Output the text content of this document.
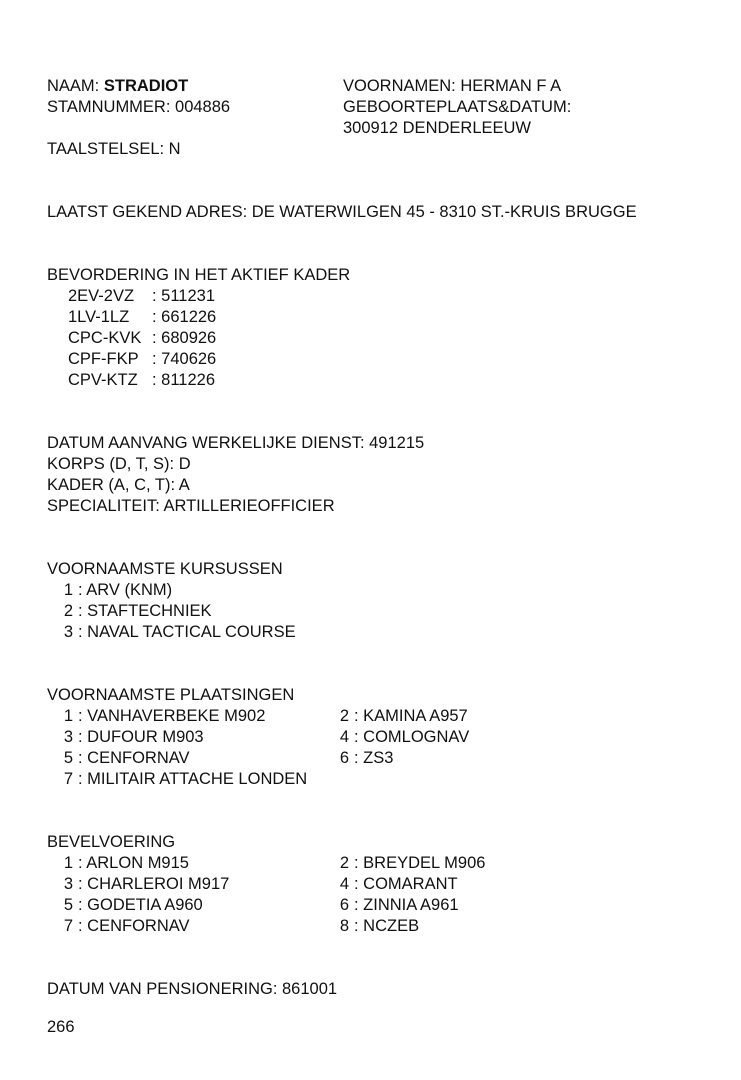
NAAM: STRADIOT
STAMNUMMER: 004886
TAALSTELSEL: N
VOORNAMEN: HERMAN F A
GEBOORTEPLAATS&DATUM:
300912 DENDERLEEUW
LAATST GEKEND ADRES: DE WATERWILGEN 45 - 8310 ST.-KRUIS BRUGGE
BEVORDERING IN HET AKTIEF KADER
2EV-2VZ	: 511231
1LV-1LZ	: 661226
CPC-KVK : 680926
CPF-FKP : 740626
CPV-KTZ : 811226
DATUM AANVANG WERKELIJKE DIENST: 491215
KORPS (D, T, S): D
KADER (A, C, T): A
SPECIALITEIT: ARTILLERIEOFFICIER
VOORNAAMSTE KURSUSSEN
1 : ARV (KNM)
2 : STAFTECHNIEK
3 : NAVAL TACTICAL COURSE
VOORNAAMSTE PLAATSINGEN
1 : VANHAVERBEKE M902	2 : KAMINA A957
3 : DUFOUR M903	4 : COMLOGNAV
5 : CENFORNAV	6 : ZS3
7 : MILITAIR ATTACHE LONDEN
BEVELVOERING
1 : ARLON M915	2 : BREYDEL M906
3 : CHARLEROI M917	4 : COMARANT
5 : GODETIA A960	6 : ZINNIA A961
7 : CENFORNAV	8 : NCZEB
DATUM VAN PENSIONERING: 861001
266
